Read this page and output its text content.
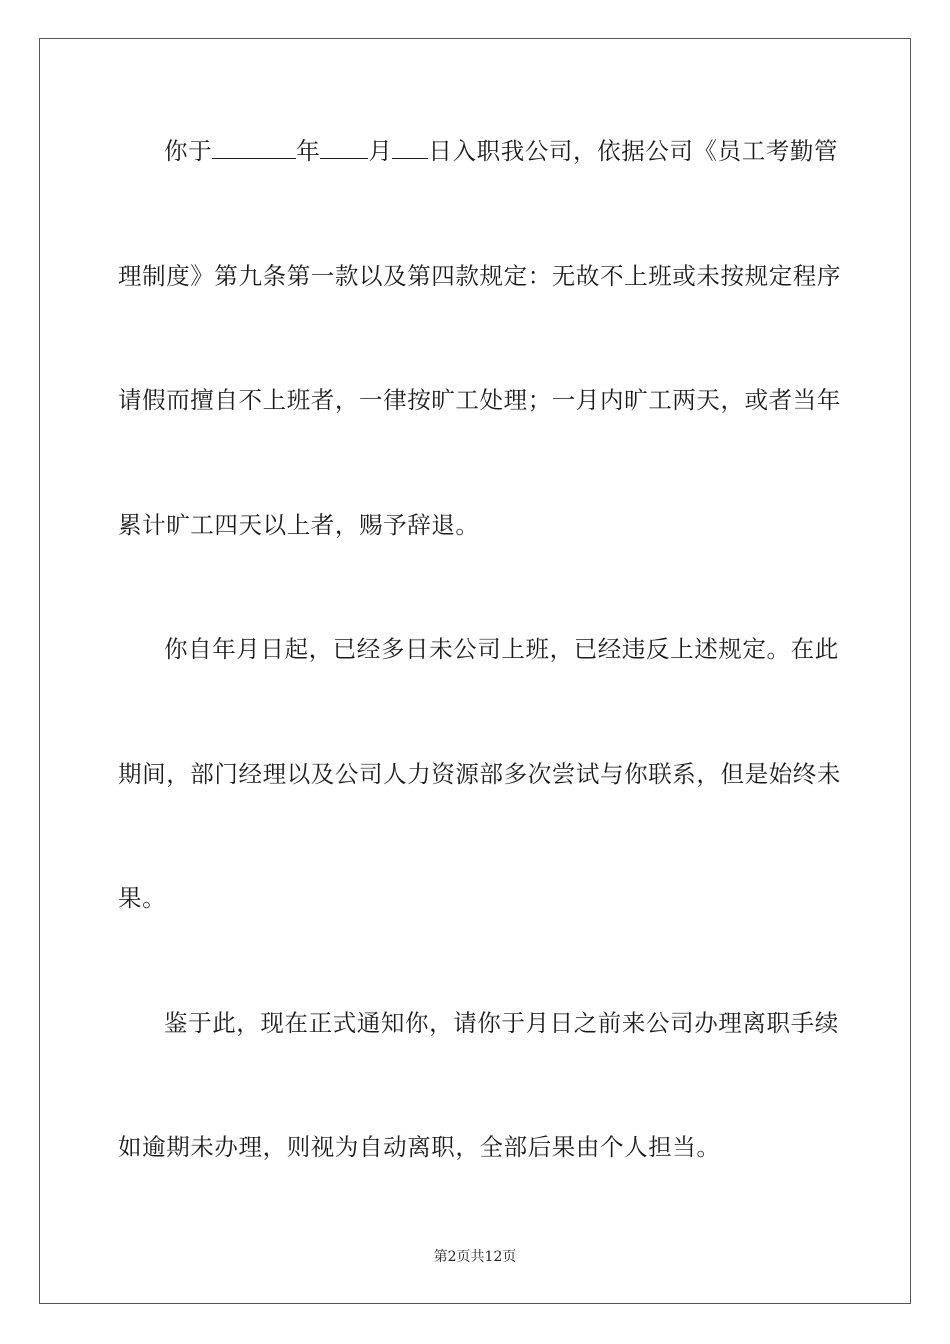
你于	年 月 日入职我公司，依据公司《员工考勤管
理制度》第九条第一款以及第四款规定：无故不上班或未按规定程序
请假而擅自不上班者，一律按旷工处理；一月内旷工两天，或者当年
累计旷工四天以上者，赐予辞退。
你自年月日起，已经多日未公司上班，已经违反上述规定。在此
期间，部门经理以及公司人力资源部多次尝试与你联系，但是始终未
果。
鉴于此，现在正式通知你，请你于月日之前来公司办理离职手续
如逾期未办理，则视为自动离职，全部后果由个人担当。
第2页共12页
